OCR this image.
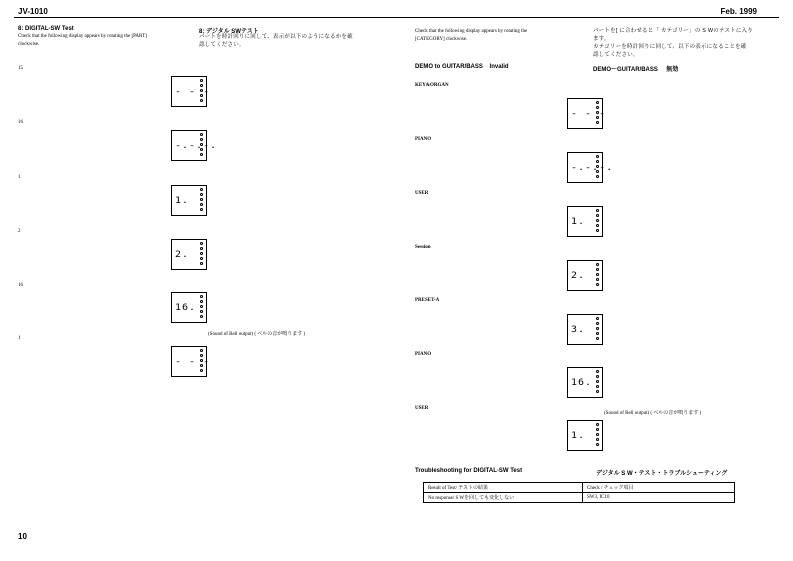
JV-1010	Feb. 1999
8: DIGITAL-SW Test
Check that the following display appears by rotating the [PART]
clockwise.
8: デジタル SWテスト
パートを時計回りに回して、表示が以下のようになるかを確
認してください。
15
- - -
16
-.-.-.
1
1.
2
2.
16
16.
1
- - -
(Sound of Bell output) ( ベルの音が鳴ります )
Check that the following display appears by rotating the
[CATEGORY] clockwise.
パートを[ に合わせると「 カテゴリー」の S Wのテストに入り
ます。
カテゴリーを時計回りに回して、以下の表示になることを確
認してください。
DEMO to GUITAR/BASS    Invalid	DEMO～GUITAR/BASS     無効
KEY&ORGAN
- - -
PIANO
-.-.-.
USER
1.
Session
2.
PRESET-A
3.
PIANO
16.
USER
1.
(Sound of Bell output) ( ベルの音が鳴ります )
Troubleshooting for DIGITAL-SW Test	デジタル S W・テスト・トラブルシューティング
Result of Test/ テストの結果	Check / チェック項目
No response/ S Wを回しても変化しない	SW3, IC10
10
